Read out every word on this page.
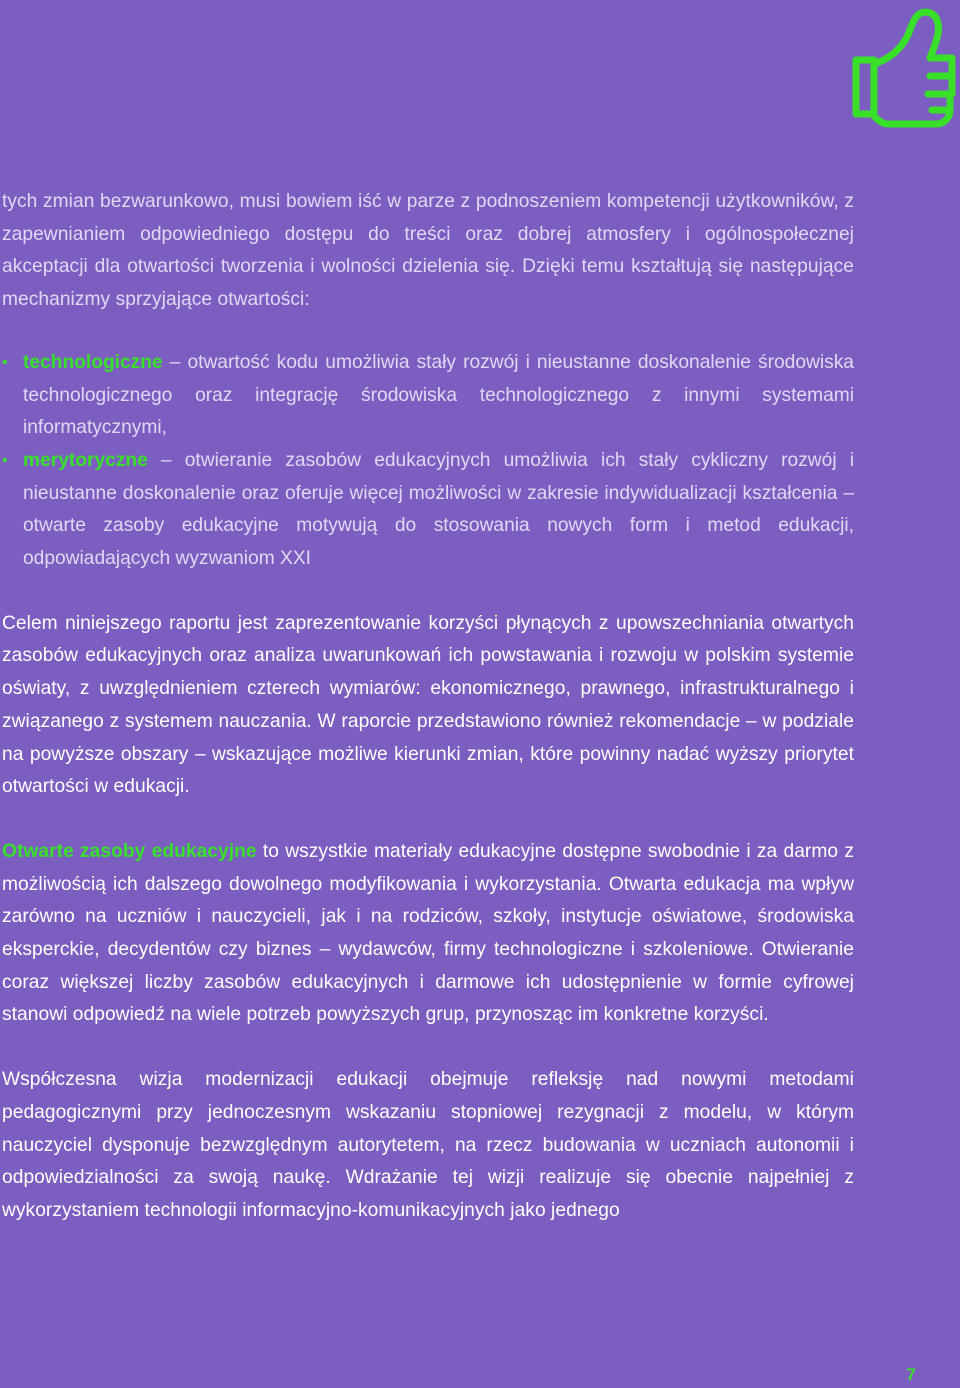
tych zmian bezwarunkowo, musi bowiem iść w parze z podnoszeniem kompetencji użytkowników, z zapewnianiem odpowiedniego dostępu do treści oraz dobrej atmosfery i ogólnospołecznej akceptacji dla otwartości tworzenia i wolności dzielenia się. Dzięki temu kształtują się następujące mechanizmy sprzyjające otwartości:

• technologiczne – otwartość kodu umożliwia stały rozwój i nieustanne doskonalenie środowiska technologicznego oraz integrację środowiska technologicznego z innymi systemami informatycznymi,
• merytoryczne – otwieranie zasobów edukacyjnych umożliwia ich stały cykliczny rozwój i nieustanne doskonalenie oraz oferuje więcej możliwości w zakresie indywidualizacji kształcenia – otwarte zasoby edukacyjne motywują do stosowania nowych form i metod edukacji, odpowiadających wyzwaniom XXI

Celem niniejszego raportu jest zaprezentowanie korzyści płynących z upowszechniania otwartych zasobów edukacyjnych oraz analiza uwarunkowań ich powstawania i rozwoju w polskim systemie oświaty, z uwzględnieniem czterech wymiarów: ekonomicznego, prawnego, infrastrukturalnego i związanego z systemem nauczania. W raporcie przedstawiono również rekomendacje – w podziale na powyższe obszary – wskazujące możliwe kierunki zmian, które powinny nadać wyższy priorytet otwartości w edukacji.

Otwarte zasoby edukacyjne to wszystkie materiały edukacyjne dostępne swobodnie i za darmo z możliwością ich dalszego dowolnego modyfikowania i wykorzystania. Otwarta edukacja ma wpływ zarówno na uczniów i nauczycieli, jak i na rodziców, szkoły, instytucje oświatowe, środowiska eksperckie, decydentów czy biznes – wydawców, firmy technologiczne i szkoleniowe. Otwieranie coraz większej liczby zasobów edukacyjnych i darmowe ich udostępnienie w formie cyfrowej stanowi odpowiedź na wiele potrzeb powyższych grup, przynosząc im konkretne korzyści.

Współczesna wizja modernizacji edukacji obejmuje refleksję nad nowymi metodami pedagogicznymi przy jednoczesnym wskazaniu stopniowej rezygnacji z modelu, w którym nauczyciel dysponuje bezwzględnym autorytetem, na rzecz budowania w uczniach autonomii i odpowiedzialności za swoją naukę. Wdrażanie tej wizji realizuje się obecnie najpełniej z wykorzystaniem technologii informacyjno-komunikacyjnych jako jednego

7
